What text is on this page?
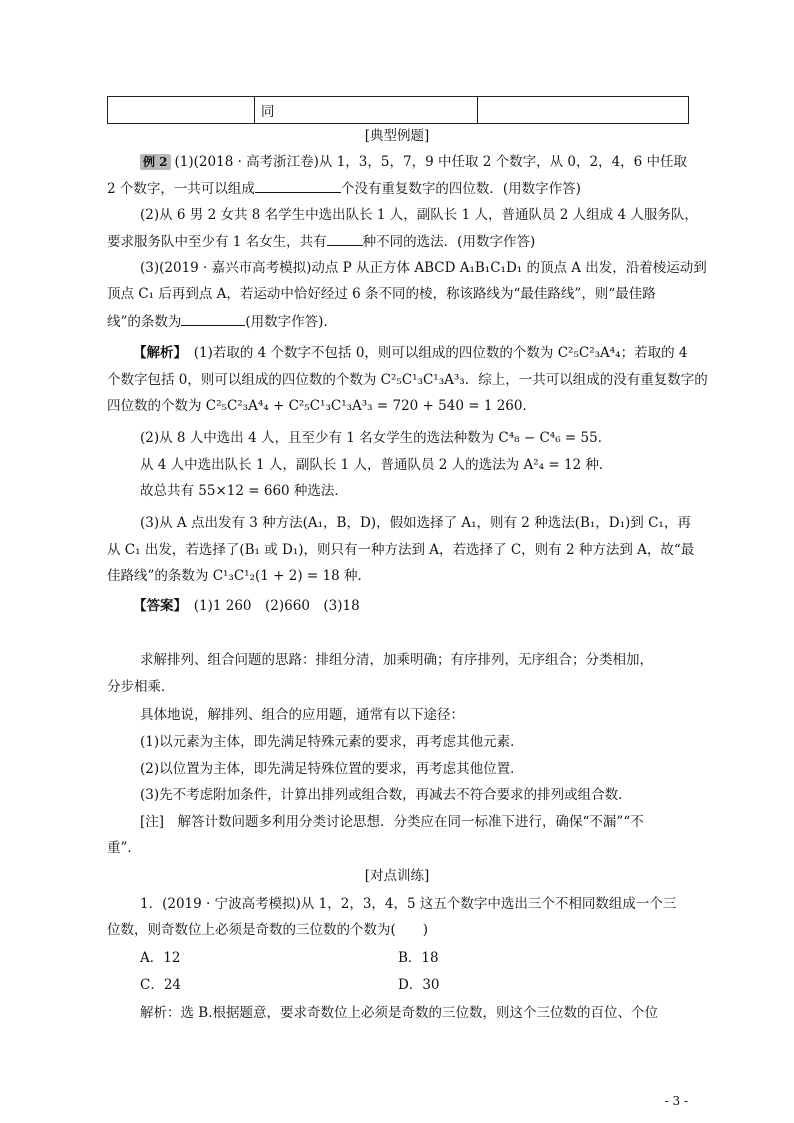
	同	
[典型例题]
例 2 (1)(2018 · 高考浙江卷)从 1，3，5，7，9 中任取 2 个数字，从 0，2，4，6 中任取
2 个数字，一共可以组成	个没有重复数字的四位数．(用数字作答)
(2)从 6 男 2 女共 8 名学生中选出队长 1 人，副队长 1 人，普通队员 2 人组成 4 人服务队，
要求服务队中至少有 1 名女生，共有	种不同的选法．(用数字作答)
(3)(2019 · 嘉兴市高考模拟)动点 P 从正方体 ABCD A₁B₁C₁D₁ 的顶点 A 出发，沿着棱运动到
顶点 C₁ 后再到点 A，若运动中恰好经过 6 条不同的棱，称该路线为“最佳路线”，则“最佳路
线”的条数为	(用数字作答)．
【解析】　 (1)若取的 4 个数字不包括 0，则可以组成的四位数的个数为 C²₅C²₃A⁴₄；若取的 4
个数字包括 0，则可以组成的四位数的个数为 C²₅C¹₃C¹₃A³₃．综上，一共可以组成的没有重复数字的
四位数的个数为 C²₅C²₃A⁴₄ + C²₅C¹₃C¹₃A³₃ = 720 + 540 = 1 260．
(2)从 8 人中选出 4 人，且至少有 1 名女学生的选法种数为 C⁴₈ − C⁴₆ = 55．
从 4 人中选出队长 1 人，副队长 1 人，普通队员 2 人的选法为 A²₄ = 12 种．
故总共有 55×12 = 660 种选法．
(3)从 A 点出发有 3 种方法(A₁，B，D)，假如选择了 A₁，则有 2 种选法(B₁，D₁)到 C₁，再
从 C₁ 出发，若选择了(B₁ 或 D₁)，则只有一种方法到 A，若选择了 C，则有 2 种方法到 A，故“最
佳路线”的条数为 C¹₃C¹₂(1 + 2) = 18 种．
【答案】　 (1)1 260　(2)660　(3)18
求解排列、组合问题的思路：排组分清，加乘明确；有序排列，无序组合；分类相加，
分步相乘．
具体地说，解排列、组合的应用题，通常有以下途径：
(1)以元素为主体，即先满足特殊元素的要求，再考虑其他元素．
(2)以位置为主体，即先满足特殊位置的要求，再考虑其他位置．
(3)先不考虑附加条件，计算出排列或组合数，再减去不符合要求的排列或组合数．
[注]　解答计数问题多利用分类讨论思想．分类应在同一标准下进行，确保“不漏”“不
重”．
[对点训练]
1．(2019 · 宁波高考模拟)从 1，2，3，4，5 这五个数字中选出三个不相同数组成一个三
位数，则奇数位上必须是奇数的三位数的个数为(　　)
A．12	B．18
C．24	D．30
解析：选 B.根据题意，要求奇数位上必须是奇数的三位数，则这个三位数的百位、个位
- 3 -
